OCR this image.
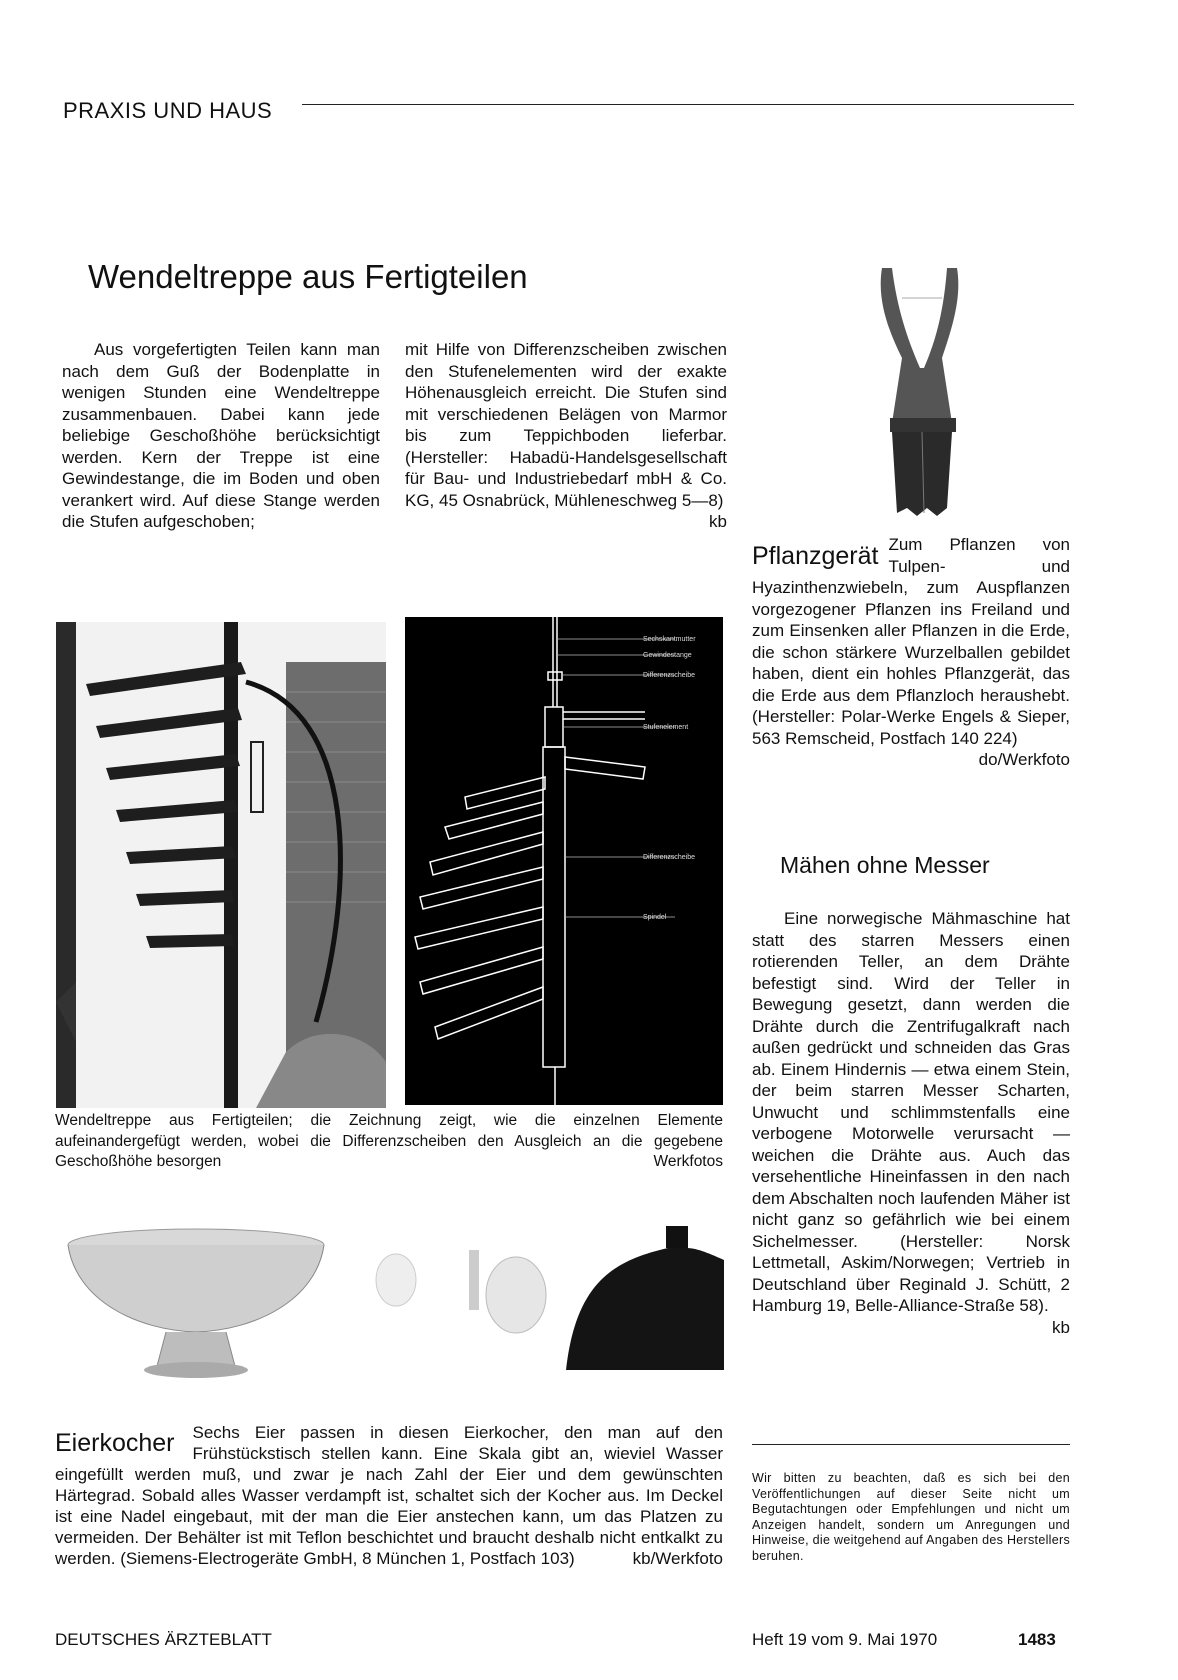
PRAXIS UND HAUS
Wendeltreppe aus Fertigteilen
Aus vorgefertigten Teilen kann man nach dem Guß der Bodenplatte in wenigen Stunden eine Wendeltreppe zusammenbauen. Dabei kann jede beliebige Geschoßhöhe berücksichtigt werden. Kern der Treppe ist eine Gewindestange, die im Boden und oben verankert wird. Auf diese Stange werden die Stufen aufgeschoben;
mit Hilfe von Differenzscheiben zwischen den Stufenelementen wird der exakte Höhenausgleich erreicht. Die Stufen sind mit verschiedenen Belägen von Marmor bis zum Teppichboden lieferbar. (Hersteller: Habadü-Handelsgesellschaft für Bau- und Industriebedarf mbH & Co. KG, 45 Osnabrück, Mühleneschweg 5—8)
kb
Sechskantmutter
Gewindestange
Differenzscheibe
Stufenelement
Differenzscheibe
Spindel
Wendeltreppe aus Fertigteilen; die Zeichnung zeigt, wie die einzelnen Elemente aufeinandergefügt werden, wobei die Differenzscheiben den Ausgleich an die gegebene Geschoßhöhe besorgen	Werkfotos
Pflanzgerät Zum Pflanzen von Tulpen- und Hyazinthenzwiebeln, zum Auspflanzen vorgezogener Pflanzen ins Freiland und zum Einsenken aller Pflanzen in die Erde, die schon stärkere Wurzelballen gebildet haben, dient ein hohles Pflanzgerät, das die Erde aus dem Pflanzloch heraushebt. (Hersteller: Polar-Werke Engels & Sieper, 563 Remscheid, Postfach 140 224)
do/Werkfoto
Mähen ohne Messer
Eine norwegische Mähmaschine hat statt des starren Messers einen rotierenden Teller, an dem Drähte befestigt sind. Wird der Teller in Bewegung gesetzt, dann werden die Drähte durch die Zentrifugalkraft nach außen gedrückt und schneiden das Gras ab. Einem Hindernis — etwa einem Stein, der beim starren Messer Scharten, Unwucht und schlimmstenfalls eine verbogene Motorwelle verursacht — weichen die Drähte aus. Auch das versehentliche Hineinfassen in den nach dem Abschalten noch laufenden Mäher ist nicht ganz so gefährlich wie bei einem Sichelmesser. (Hersteller: Norsk Lettmetall, Askim/Norwegen; Vertrieb in Deutschland über Reginald J. Schütt, 2 Hamburg 19, Belle-Alliance-Straße 58).
kb
Eierkocher Sechs Eier passen in diesen Eierkocher, den man auf den Frühstückstisch stellen kann. Eine Skala gibt an, wieviel Wasser eingefüllt werden muß, und zwar je nach Zahl der Eier und dem gewünschten Härtegrad. Sobald alles Wasser verdampft ist, schaltet sich der Kocher aus. Im Deckel ist eine Nadel eingebaut, mit der man die Eier anstechen kann, um das Platzen zu vermeiden. Der Behälter ist mit Teflon beschichtet und braucht deshalb nicht entkalkt zu werden. (Siemens-Electrogeräte GmbH, 8 München 1, Postfach 103)	kb/Werkfoto
Wir bitten zu beachten, daß es sich bei den Veröffentlichungen auf dieser Seite nicht um Begutachtungen oder Empfehlungen und nicht um Anzeigen handelt, sondern um Anregungen und Hinweise, die weitgehend auf Angaben des Herstellers beruhen.
DEUTSCHES ÄRZTEBLATT	Heft 19 vom 9. Mai 1970	1483
